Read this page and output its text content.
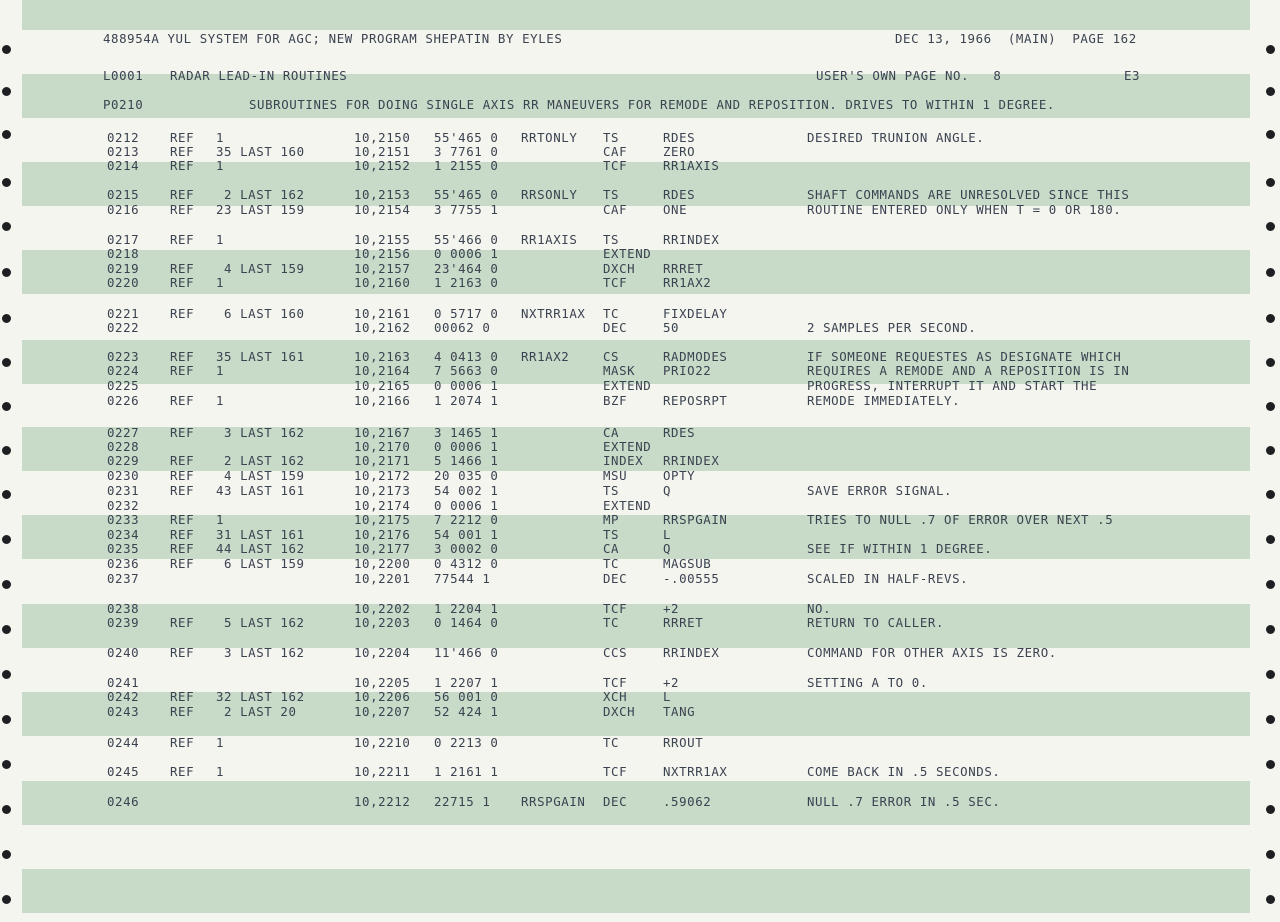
488954A YUL SYSTEM FOR AGC; NEW PROGRAM SHEPATIN BY EYLES	DEC 13, 1966  (MAIN)  PAGE 162
L0001 RADAR LEAD-IN ROUTINES	USER'S OWN PAGE NO.   8	E3
P0210	SUBROUTINES FOR DOING SINGLE AXIS RR MANEUVERS FOR REMODE AND REPOSITION. DRIVES TO WITHIN 1 DEGREE.
0212 REF 1	10,2150 55'465 0 RRTONLY TS	RDES	DESIRED TRUNION ANGLE.
0213 REF 35 LAST 160	10,2151 3 7761 0	CAF	ZERO
0214 REF 1	10,2152 1 2155 0	TCF	RR1AXIS
0215 REF 2 LAST 162	10,2153 55'465 0 RRSONLY TS	RDES	SHAFT COMMANDS ARE UNRESOLVED SINCE THIS
0216 REF 23 LAST 159	10,2154 3 7755 1	CAF	ONE	ROUTINE ENTERED ONLY WHEN T = 0 OR 180.
0217 REF 1	10,2155 55'466 0 RR1AXIS TS	RRINDEX
0218	10,2156 0 0006 1	EXTEND
0219 REF 4 LAST 159	10,2157 23'464 0	DXCH RRRET
0220 REF 1	10,2160 1 2163 0	TCF	RR1AX2
0221 REF 6 LAST 160	10,2161 0 5717 0 NXTRR1AX TC	FIXDELAY
0222	10,2162 00062 0	DEC	50	2 SAMPLES PER SECOND.
0223 REF 35 LAST 161	10,2163 4 0413 0 RR1AX2	CS	RADMODES	IF SOMEONE REQUESTES AS DESIGNATE WHICH
0224 REF 1	10,2164 7 5663 0	MASK PRIO22	REQUIRES A REMODE AND A REPOSITION IS IN
0225	10,2165 0 0006 1	EXTEND	PROGRESS, INTERRUPT IT AND START THE
0226 REF 1	10,2166 1 2074 1	BZF	REPOSRPT	REMODE IMMEDIATELY.
0227 REF 3 LAST 162	10,2167 3 1465 1	CA	RDES
0228	10,2170 0 0006 1	EXTEND
0229 REF 2 LAST 162	10,2171 5 1466 1	INDEX RRINDEX
0230 REF 4 LAST 159	10,2172 20 035 0	MSU	OPTY
0231 REF 43 LAST 161	10,2173 54 002 1	TS	Q	SAVE ERROR SIGNAL.
0232	10,2174 0 0006 1	EXTEND
0233 REF 1	10,2175 7 2212 0	MP	RRSPGAIN	TRIES TO NULL .7 OF ERROR OVER NEXT .5
0234 REF 31 LAST 161	10,2176 54 001 1	TS	L
0235 REF 44 LAST 162	10,2177 3 0002 0	CA	Q	SEE IF WITHIN 1 DEGREE.
0236 REF 6 LAST 159	10,2200 0 4312 0	TC	MAGSUB
0237	10,2201 77544 1	DEC	-.00555	SCALED IN HALF-REVS.
0238	10,2202 1 2204 1	TCF	+2	NO.
0239 REF 5 LAST 162	10,2203 0 1464 0	TC	RRRET	RETURN TO CALLER.
0240 REF 3 LAST 162	10,2204 11'466 0	CCS	RRINDEX	COMMAND FOR OTHER AXIS IS ZERO.
0241	10,2205 1 2207 1	TCF	+2	SETTING A TO 0.
0242 REF 32 LAST 162	10,2206 56 001 0	XCH	L
0243 REF 2 LAST 20	10,2207 52 424 1	DXCH TANG
0244 REF 1	10,2210 0 2213 0	TC	RROUT
0245 REF 1	10,2211 1 2161 1	TCF	NXTRR1AX	COME BACK IN .5 SECONDS.
0246	10,2212 22715 1 RRSPGAIN DEC	.59062	NULL .7 ERROR IN .5 SEC.
